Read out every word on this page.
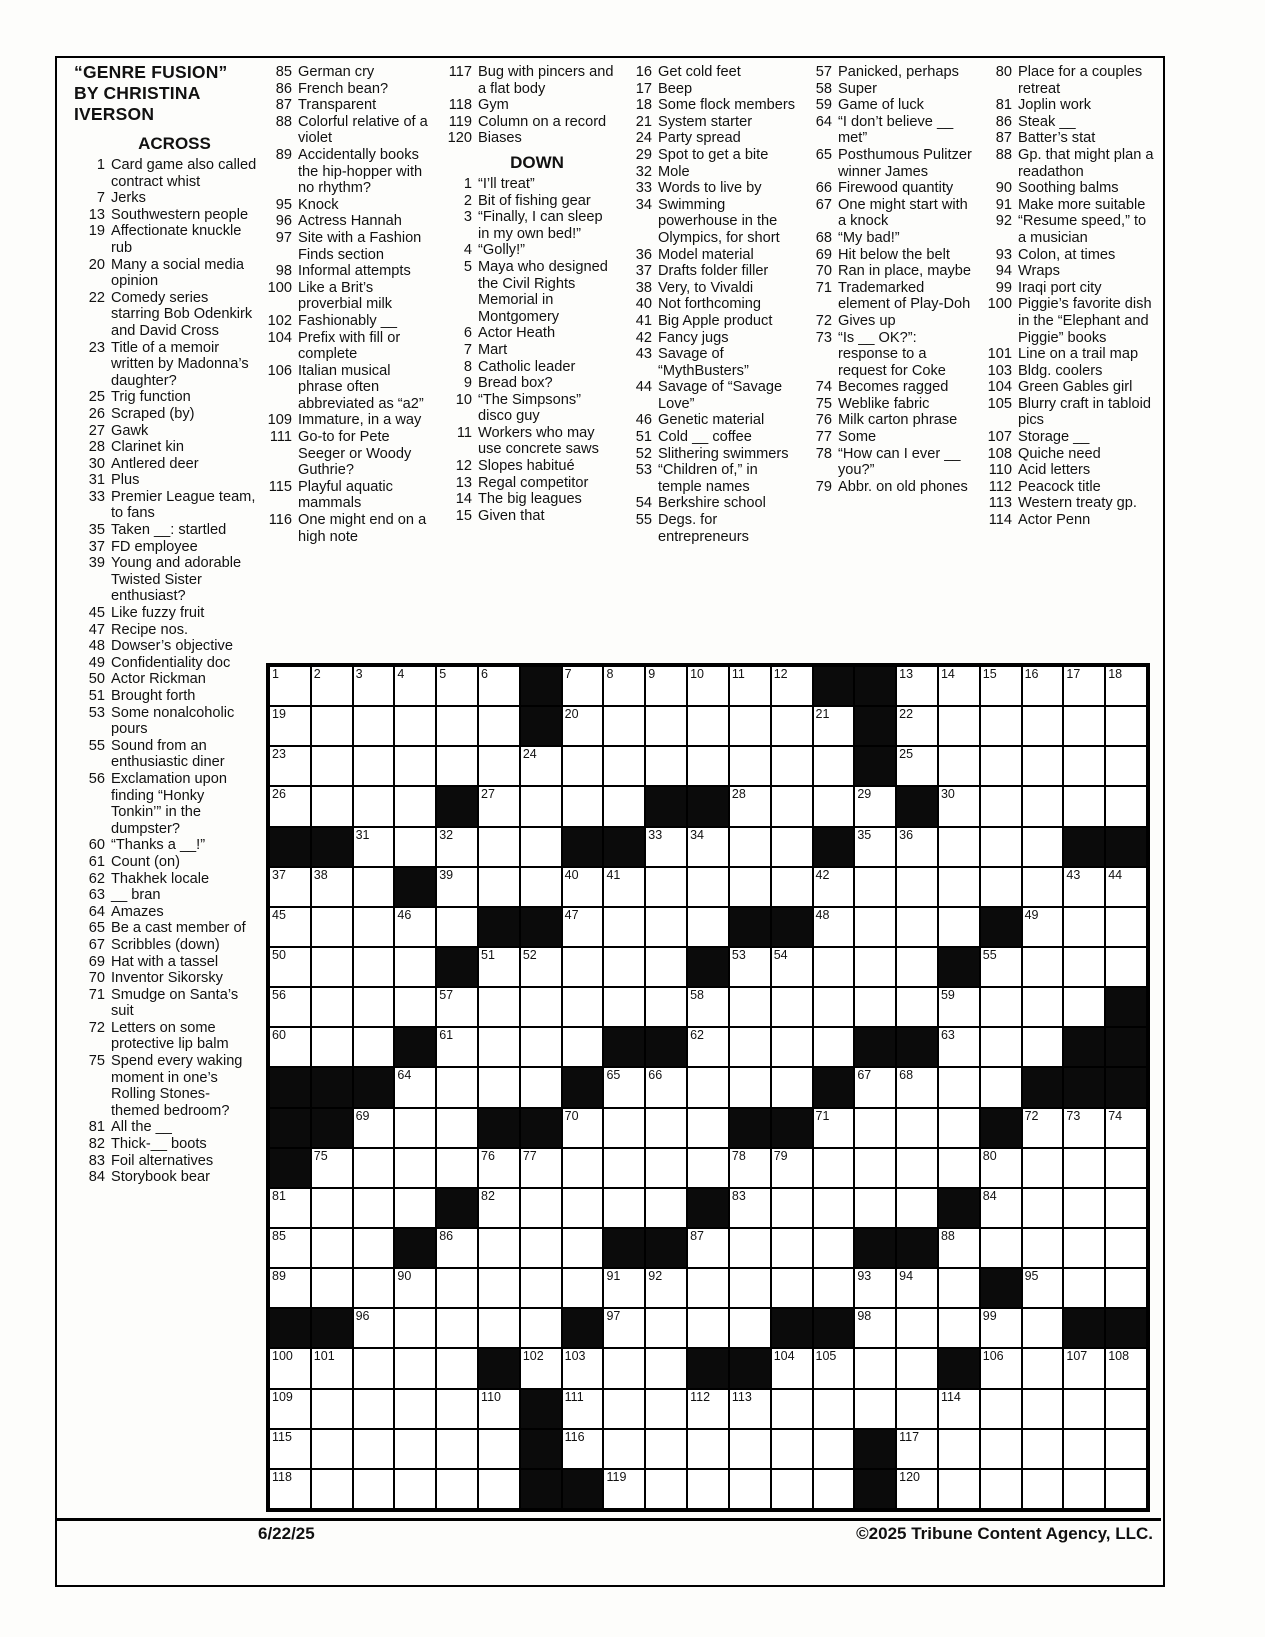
“GENRE FUSION”
BY CHRISTINA
IVERSON
ACROSS
1 Card game also called contract whist
7 Jerks
13 Southwestern people
19 Affectionate knuckle rub
20 Many a social media opinion
22 Comedy series starring Bob Odenkirk and David Cross
23 Title of a memoir written by Madonna’s daughter?
25 Trig function
26 Scraped (by)
27 Gawk
28 Clarinet kin
30 Antlered deer
31 Plus
33 Premier League team, to fans
35 Taken __: startled
37 FD employee
39 Young and adorable Twisted Sister enthusiast?
45 Like fuzzy fruit
47 Recipe nos.
48 Dowser’s objective
49 Confidentiality doc
50 Actor Rickman
51 Brought forth
53 Some nonalcoholic pours
55 Sound from an enthusiastic diner
56 Exclamation upon finding “Honky Tonkin’” in the dumpster?
60 “Thanks a __!”
61 Count (on)
62 Thakhek locale
63 __ bran
64 Amazes
65 Be a cast member of
67 Scribbles (down)
69 Hat with a tassel
70 Inventor Sikorsky
71 Smudge on Santa’s suit
72 Letters on some protective lip balm
75 Spend every waking moment in one’s Rolling Stones-themed bedroom?
81 All the __
82 Thick-__ boots
83 Foil alternatives
84 Storybook bear
85 German cry
86 French bean?
87 Transparent
88 Colorful relative of a violet
89 Accidentally books the hip-hopper with no rhythm?
95 Knock
96 Actress Hannah
97 Site with a Fashion Finds section
98 Informal attempts
100 Like a Brit’s proverbial milk
102 Fashionably __
104 Prefix with fill or complete
106 Italian musical phrase often abbreviated as “a2”
109 Immature, in a way
111 Go-to for Pete Seeger or Woody Guthrie?
115 Playful aquatic mammals
116 One might end on a high note
117 Bug with pincers and a flat body
118 Gym
119 Column on a record
120 Biases
DOWN
1 “I’ll treat”
2 Bit of fishing gear
3 “Finally, I can sleep in my own bed!”
4 “Golly!”
5 Maya who designed the Civil Rights Memorial in Montgomery
6 Actor Heath
7 Mart
8 Catholic leader
9 Bread box?
10 “The Simpsons” disco guy
11 Workers who may use concrete saws
12 Slopes habitué
13 Regal competitor
14 The big leagues
15 Given that
16 Get cold feet
17 Beep
18 Some flock members
21 System starter
24 Party spread
29 Spot to get a bite
32 Mole
33 Words to live by
34 Swimming powerhouse in the Olympics, for short
36 Model material
37 Drafts folder filler
38 Very, to Vivaldi
40 Not forthcoming
41 Big Apple product
42 Fancy jugs
43 Savage of “MythBusters”
44 Savage of “Savage Love”
46 Genetic material
51 Cold __ coffee
52 Slithering swimmers
53 “Children of,” in temple names
54 Berkshire school
55 Degs. for entrepreneurs
57 Panicked, perhaps
58 Super
59 Game of luck
64 “I don’t believe __ met”
65 Posthumous Pulitzer winner James
66 Firewood quantity
67 One might start with a knock
68 “My bad!”
69 Hit below the belt
70 Ran in place, maybe
71 Trademarked element of Play-Doh
72 Gives up
73 “Is __ OK?”: response to a request for Coke
74 Becomes ragged
75 Weblike fabric
76 Milk carton phrase
77 Some
78 “How can I ever __ you?”
79 Abbr. on old phones
80 Place for a couples retreat
81 Joplin work
86 Steak __
87 Batter’s stat
88 Gp. that might plan a readathon
90 Soothing balms
91 Make more suitable
92 “Resume speed,” to a musician
93 Colon, at times
94 Wraps
99 Iraqi port city
100 Piggie’s favorite dish in the “Elephant and Piggie” books
101 Line on a trail map
103 Bldg. coolers
104 Green Gables girl
105 Blurry craft in tabloid pics
107 Storage __
108 Quiche need
110 Acid letters
112 Peacock title
113 Western treaty gp.
114 Actor Penn
1	2	3	4	5	6	7	8	9	10 11 12	13 14 15 16 17 18
19	20	21	22
23	24	25
26	27	28	29	30
31	32	33 34	35 36
37 38	39	40 41	42	43 44
45	46	47	48	49
50	51 52	53 54	55
56	57	58	59
60	61	62	63
64	65 66	67 68
69	70	71	72 73 74
75	76 77	78 79	80
81	82	83	84
85	86	87	88
89	90	91 92	93 94	95
96	97	98	99
100 101	102 103	104 105	106	107 108
109	110	111	112 113	114
115	116	117
118	119	120
6/22/25	©2025 Tribune Content Agency, LLC.
